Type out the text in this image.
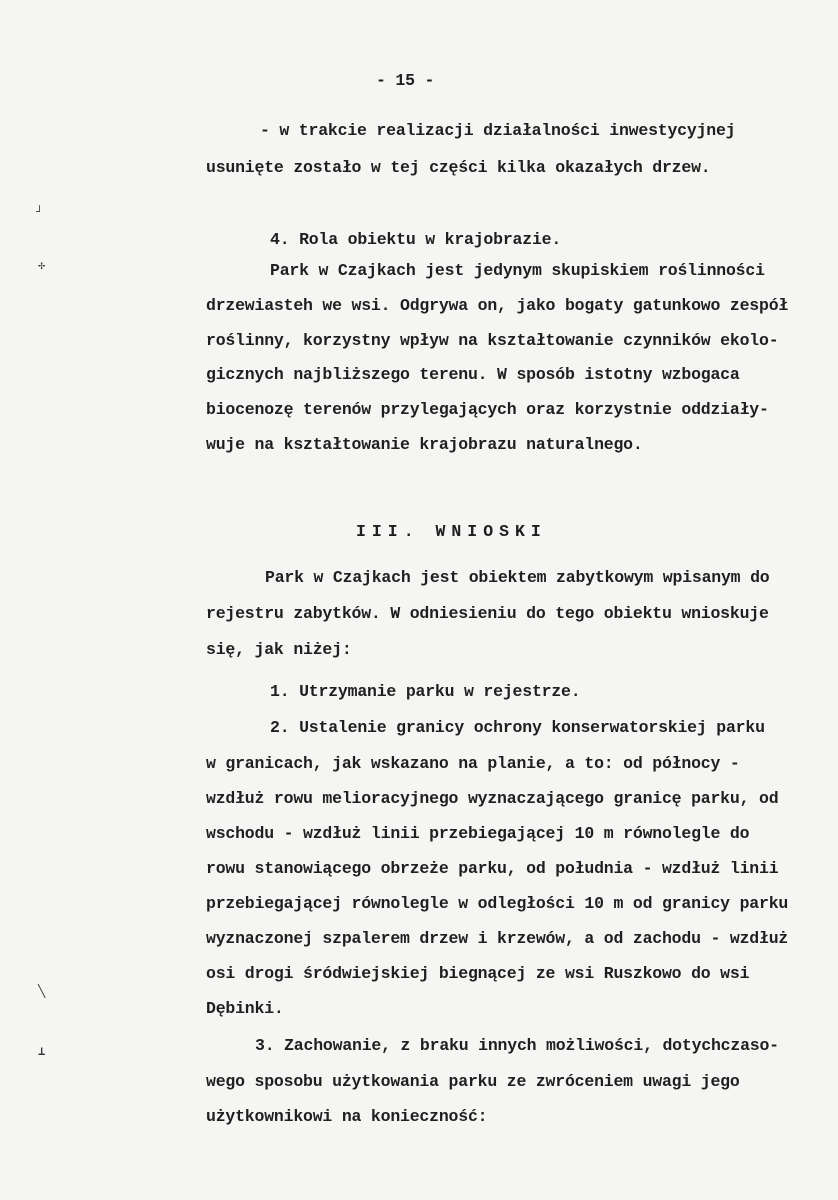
- 15 -
- w trakcie realizacji działalności inwestycyjnej
usunięte zostało w tej części kilka okazałych drzew.
4. Rola obiektu w krajobrazie.
Park w Czajkach jest jedynym skupiskiem roślinności
drzewiasteh we wsi. Odgrywa on, jako bogaty gatunkowo zespół
roślinny, korzystny wpływ na kształtowanie czynników ekolo-
gicznych najbliższego terenu. W sposób istotny wzbogaca
biocenozę terenów przylegających oraz korzystnie oddziały-
wuje na kształtowanie krajobrazu naturalnego.
III. WNIOSKI
Park w Czajkach jest obiektem zabytkowym wpisanym do
rejestru zabytków. W odniesieniu do tego obiektu wnioskuje
się, jak niżej:
1. Utrzymanie parku w rejestrze.
2. Ustalenie granicy ochrony konserwatorskiej parku
w granicach, jak wskazano na planie, a to: od północy -
wzdłuż rowu melioracyjnego wyznaczającego granicę parku, od
wschodu - wzdłuż linii przebiegającej 10 m równolegle do
rowu stanowiącego obrzeże parku, od południa - wzdłuż linii
przebiegającej równolegle w odległości 10 m od granicy parku
wyznaczonej szpalerem drzew i krzewów, a od zachodu - wzdłuż
osi drogi śródwiejskiej biegnącej ze wsi Ruszkowo do wsi
Dębinki.
3. Zachowanie, z braku innych możliwości, dotychczaso-
wego sposobu użytkowania parku ze zwróceniem uwagi jego
użytkownikowi na konieczność:
┘
✢
╲
⊥
